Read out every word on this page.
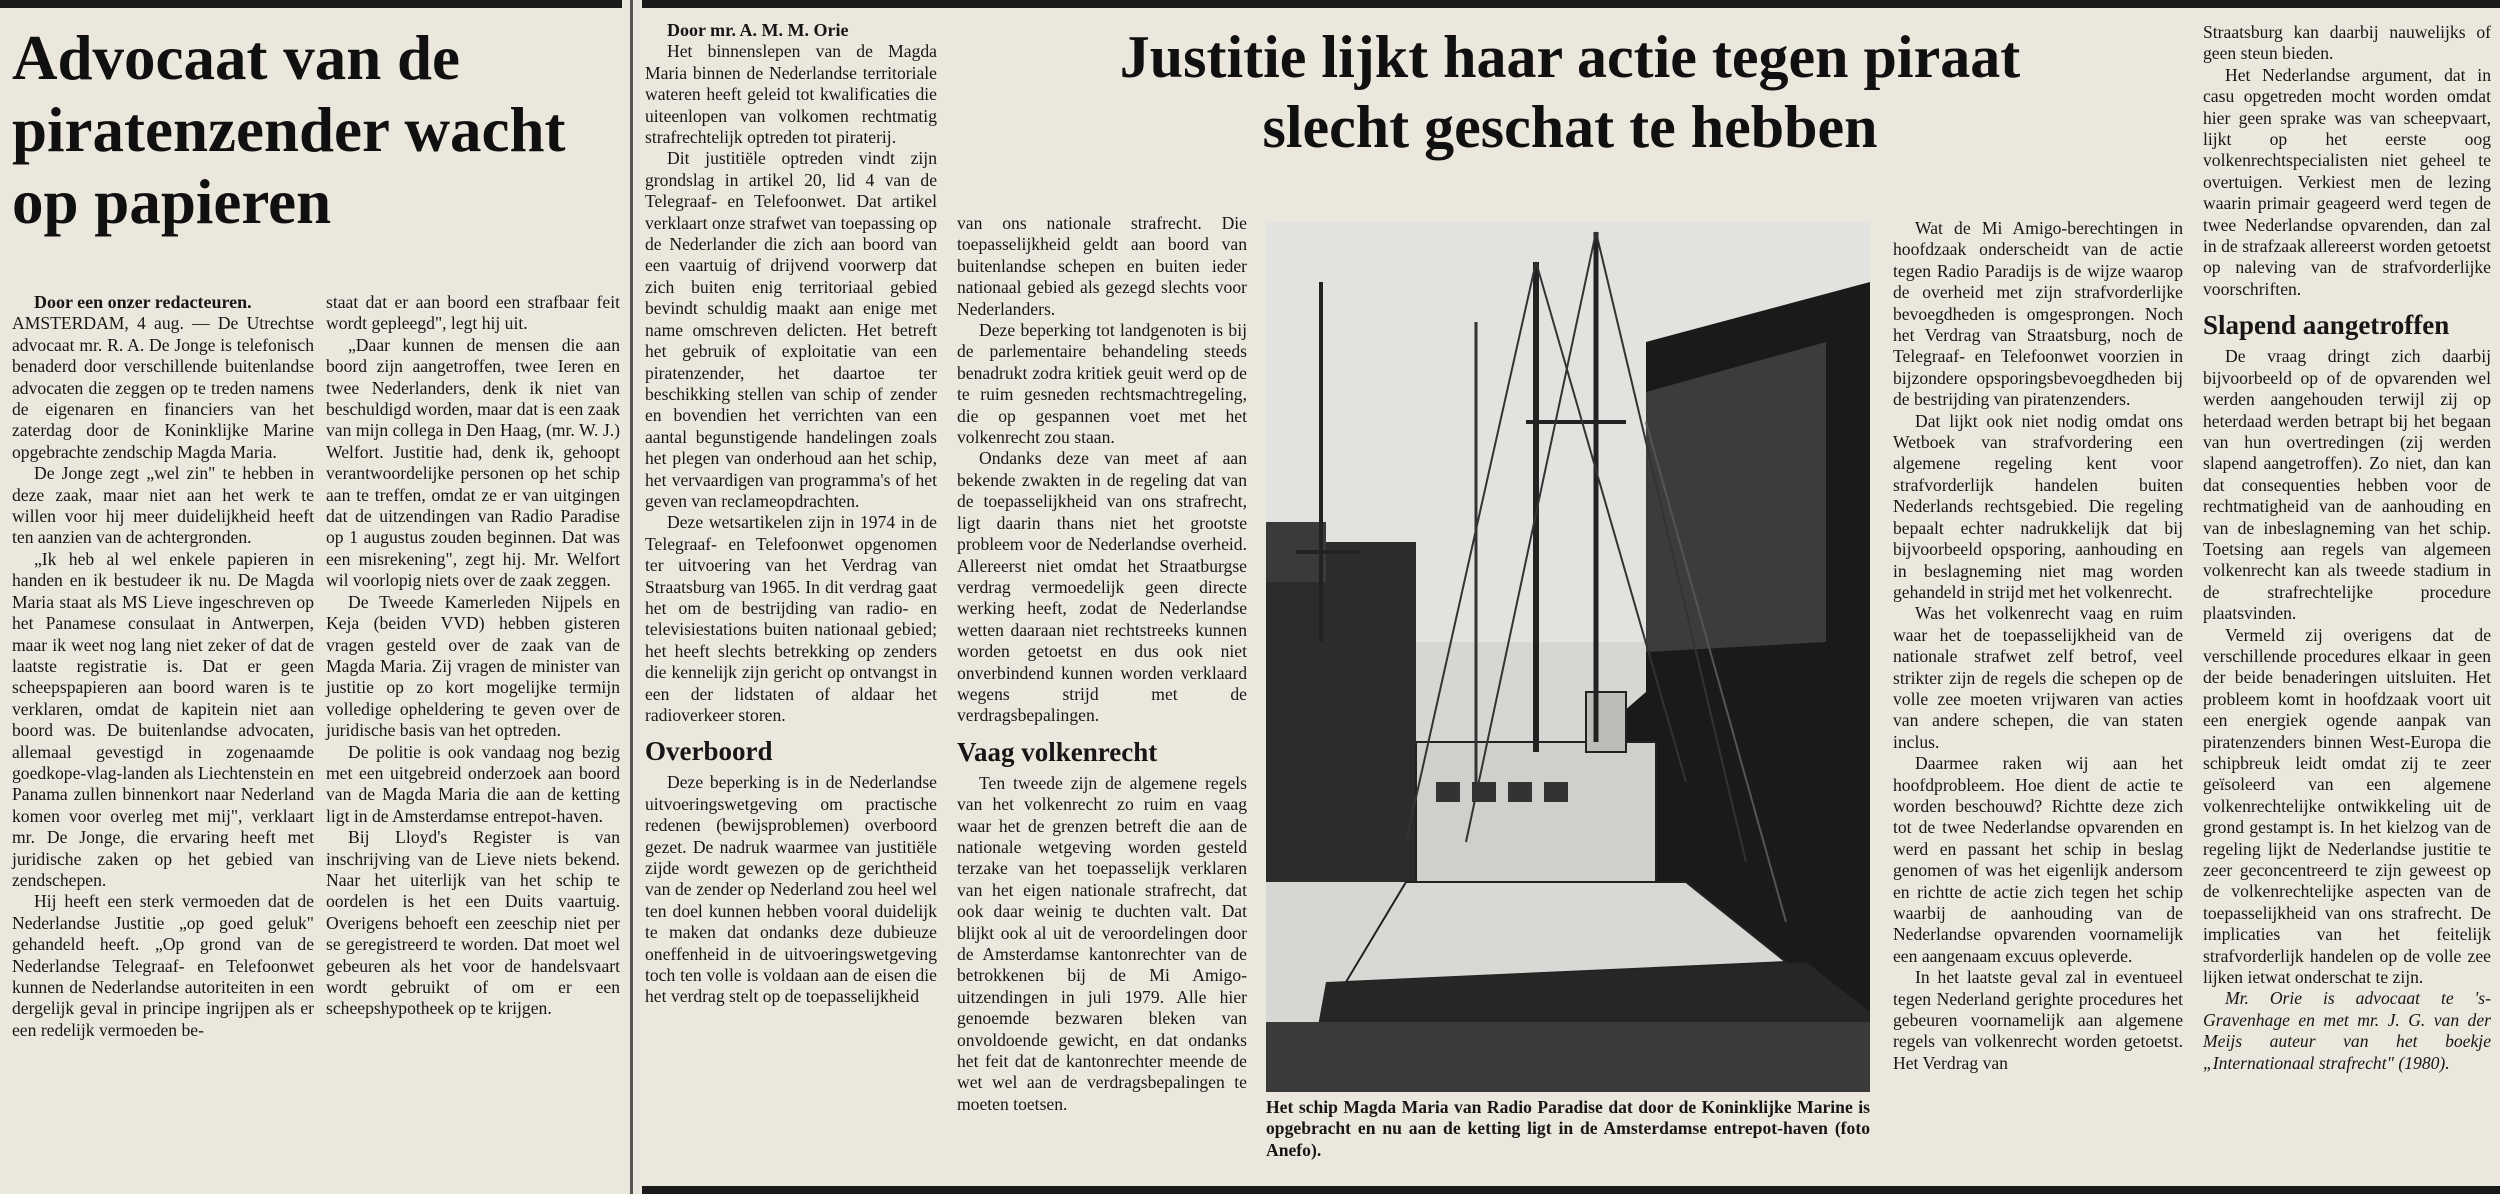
Advocaat van de piratenzender wacht op papieren

Door een onzer redacteuren.

AMSTERDAM, 4 aug. — De Utrechtse advocaat mr. R. A. De Jonge is telefonisch benaderd door verschillende buitenlandse advocaten die zeggen op te treden namens de eigenaren en financiers van het zaterdag door de Koninklijke Marine opgebrachte zendschip Magda Maria.

De Jonge zegt „wel zin" te hebben in deze zaak, maar niet aan het werk te willen voor hij meer duidelijkheid heeft ten aanzien van de achtergronden.

„Ik heb al wel enkele papieren in handen en ik bestudeer ik nu. De Magda Maria staat als MS Lieve ingeschreven op het Panamese consulaat in Antwerpen, maar ik weet nog lang niet zeker of dat de laatste registratie is. Dat er geen scheepspapieren aan boord waren is te verklaren, omdat de kapitein niet aan boord was. De buitenlandse advocaten, allemaal gevestigd in zogenaamde goedkope-vlag-landen als Liechtenstein en Panama zullen binnenkort naar Nederland komen voor overleg met mij", verklaart mr. De Jonge, die ervaring heeft met juridische zaken op het gebied van zendschepen.

Hij heeft een sterk vermoeden dat de Nederlandse Justitie „op goed geluk" gehandeld heeft. „Op grond van de Nederlandse Telegraaf- en Telefoonwet kunnen de Nederlandse autoriteiten in een dergelijk geval in principe ingrijpen als er een redelijk vermoeden be-

staat dat er aan boord een strafbaar feit wordt gepleegd", legt hij uit.

„Daar kunnen de mensen die aan boord zijn aangetroffen, twee Ieren en twee Nederlanders, denk ik niet van beschuldigd worden, maar dat is een zaak van mijn collega in Den Haag, (mr. W. J.) Welfort. Justitie had, denk ik, gehoopt verantwoordelijke personen op het schip aan te treffen, omdat ze er van uitgingen dat de uitzendingen van Radio Paradise op 1 augustus zouden beginnen. Dat was een misrekening", zegt hij. Mr. Welfort wil voorlopig niets over de zaak zeggen.

De Tweede Kamerleden Nijpels en Keja (beiden VVD) hebben gisteren vragen gesteld over de zaak van de Magda Maria. Zij vragen de minister van justitie op zo kort mogelijke termijn volledige opheldering te geven over de juridische basis van het optreden.

De politie is ook vandaag nog bezig met een uitgebreid onderzoek aan boord van de Magda Maria die aan de ketting ligt in de Amsterdamse entrepot-haven.

Bij Lloyd's Register is van inschrijving van de Lieve niets bekend. Naar het uiterlijk van het schip te oordelen is het een Duits vaartuig. Overigens behoeft een zeeschip niet per se geregistreerd te worden. Dat moet wel gebeuren als het voor de handelsvaart wordt gebruikt of om er een scheepshypotheek op te krijgen.

Door mr. A. M. M. Orie

Het binnenslepen van de Magda Maria binnen de Nederlandse territoriale wateren heeft geleid tot kwalificaties die uiteenlopen van volkomen rechtmatig strafrechtelijk optreden tot piraterij.

Dit justitiële optreden vindt zijn grondslag in artikel 20, lid 4 van de Telegraaf- en Telefoonwet. Dat artikel verklaart onze strafwet van toepassing op de Nederlander die zich aan boord van een vaartuig of drijvend voorwerp dat zich buiten enig territoriaal gebied bevindt schuldig maakt aan enige met name omschreven delicten. Het betreft het gebruik of exploitatie van een piratenzender, het daartoe ter beschikking stellen van schip of zender en bovendien het verrichten van een aantal begunstigende handelingen zoals het plegen van onderhoud aan het schip, het vervaardigen van programma's of het geven van reclameopdrachten.

Deze wetsartikelen zijn in 1974 in de Telegraaf- en Telefoonwet opgenomen ter uitvoering van het Verdrag van Straatsburg van 1965. In dit verdrag gaat het om de bestrijding van radio- en televisiestations buiten nationaal gebied; het heeft slechts betrekking op zenders die kennelijk zijn gericht op ontvangst in een der lidstaten of aldaar het radioverkeer storen.

Overboord

Deze beperking is in de Nederlandse uitvoeringswetgeving om practische redenen (bewijsproblemen) overboord gezet. De nadruk waarmee van justitiële zijde wordt gewezen op de gerichtheid van de zender op Nederland zou heel wel ten doel kunnen hebben vooral duidelijk te maken dat ondanks deze dubieuze oneffenheid in de uitvoeringswetgeving toch ten volle is voldaan aan de eisen die het verdrag stelt op de toepasselijkheid

Justitie lijkt haar actie tegen piraat
slecht geschat te hebben

van ons nationale strafrecht. Die toepasselijkheid geldt aan boord van buitenlandse schepen en buiten ieder nationaal gebied als gezegd slechts voor Nederlanders.

Deze beperking tot landgenoten is bij de parlementaire behandeling steeds benadrukt zodra kritiek geuit werd op de te ruim gesneden rechtsmachtregeling, die op gespannen voet met het volkenrecht zou staan.

Ondanks deze van meet af aan bekende zwakten in de regeling dat van de toepasselijkheid van ons strafrecht, ligt daarin thans niet het grootste probleem voor de Nederlandse overheid. Allereerst niet omdat het Straatburgse verdrag vermoedelijk geen directe werking heeft, zodat de Nederlandse wetten daaraan niet rechtstreeks kunnen worden getoetst en dus ook niet onverbindend kunnen worden verklaard wegens strijd met de verdragsbepalingen.

Vaag volkenrecht

Ten tweede zijn de algemene regels van het volkenrecht zo ruim en vaag waar het de grenzen betreft die aan de nationale wetgeving worden gesteld terzake van het toepasselijk verklaren van het eigen nationale strafrecht, dat ook daar weinig te duchten valt. Dat blijkt ook al uit de veroordelingen door de Amsterdamse kantonrechter van de betrokkenen bij de Mi Amigo-uitzendingen in juli 1979. Alle hier genoemde bezwaren bleken van onvoldoende gewicht, en dat ondanks het feit dat de kantonrechter meende de wet wel aan de verdragsbepalingen te moeten toetsen.	Het schip Magda Maria van Radio Paradise dat door de Koninklijke Marine is opgebracht en nu aan de ketting ligt in de Amsterdamse entrepot-haven (foto Anefo).

Wat de Mi Amigo-berechtingen in hoofdzaak onderscheidt van de actie tegen Radio Paradijs is de wijze waarop de overheid met zijn strafvorderlijke bevoegdheden is omgesprongen. Noch het Verdrag van Straatsburg, noch de Telegraaf- en Telefoonwet voorzien in bijzondere opsporingsbevoegdheden bij de bestrijding van piratenzenders.

Dat lijkt ook niet nodig omdat ons Wetboek van strafvordering een algemene regeling kent voor strafvorderlijk handelen buiten Nederlands rechtsgebied. Die regeling bepaalt echter nadrukkelijk dat bij bijvoorbeeld opsporing, aanhouding en in beslagneming niet mag worden gehandeld in strijd met het volkenrecht.

Was het volkenrecht vaag en ruim waar het de toepasselijkheid van de nationale strafwet zelf betrof, veel strikter zijn de regels die schepen op de volle zee moeten vrijwaren van acties van andere schepen, die van staten inclus.

Daarmee raken wij aan het hoofdprobleem. Hoe dient de actie te worden beschouwd? Richtte deze zich tot de twee Nederlandse opvarenden en werd en passant het schip in beslag genomen of was het eigenlijk andersom en richtte de actie zich tegen het schip waarbij de aanhouding van de Nederlandse opvarenden voornamelijk een aangenaam excuus opleverde.

In het laatste geval zal in eventueel tegen Nederland gerighte procedures het gebeuren voornamelijk aan algemene regels van volkenrecht worden getoetst. Het Verdrag van

Straatsburg kan daarbij nauwelijks of geen steun bieden.

Het Nederlandse argument, dat in casu opgetreden mocht worden omdat hier geen sprake was van scheepvaart, lijkt op het eerste oog volkenrechtspecialisten niet geheel te overtuigen. Verkiest men de lezing waarin primair geageerd werd tegen de twee Nederlandse opvarenden, dan zal in de strafzaak allereerst worden getoetst op naleving van de strafvorderlijke voorschriften.

Slapend aangetroffen

De vraag dringt zich daarbij bijvoorbeeld op of de opvarenden wel werden aangehouden terwijl zij op heterdaad werden betrapt bij het begaan van hun overtredingen (zij werden slapend aangetroffen). Zo niet, dan kan dat consequenties hebben voor de rechtmatigheid van de aanhouding en van de inbeslagneming van het schip. Toetsing aan regels van algemeen volkenrecht kan als tweede stadium in de strafrechtelijke procedure plaatsvinden.

Vermeld zij overigens dat de verschillende procedures elkaar in geen der beide benaderingen uitsluiten. Het probleem komt in hoofdzaak voort uit een energiek ogende aanpak van piratenzenders binnen West-Europa die schipbreuk leidt omdat zij te zeer geïsoleerd van een algemene volkenrechtelijke ontwikkeling uit de grond gestampt is. In het kielzog van de regeling lijkt de Nederlandse justitie te zeer geconcentreerd te zijn geweest op de volkenrechtelijke aspecten van de toepasselijkheid van ons strafrecht. De implicaties van het feitelijk strafvorderlijk handelen op de volle zee lijken ietwat onderschat te zijn.

Mr. Orie is advocaat te 's-Gravenhage en met mr. J. G. van der Meijs auteur van het boekje „Internationaal strafrecht" (1980).
